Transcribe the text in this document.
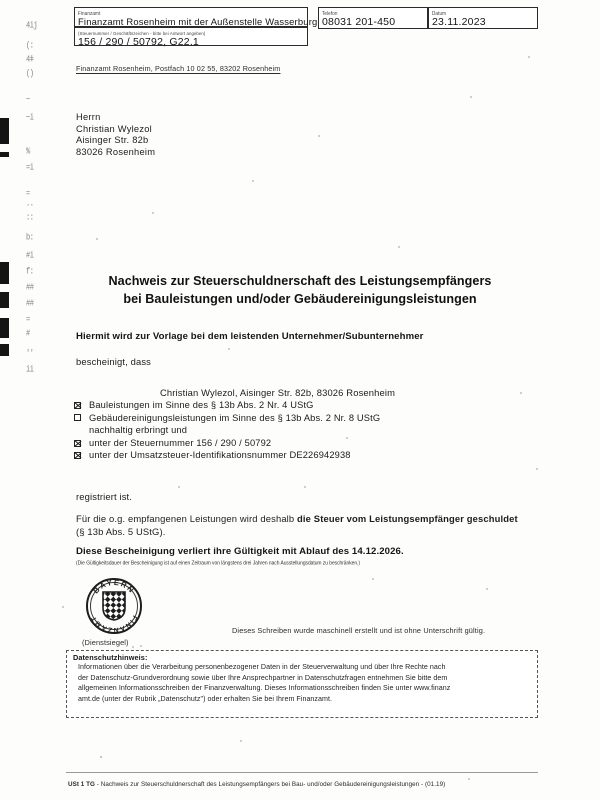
4ij
(:
4ǂ
()
~
~i
%
=i
=
··
::
b:
#i
f:
##
##
=
#
''
ii
Finanzamt
Finanzamt Rosenheim mit der Außenstelle Wasserburg
(Steuernummer / Geschäftszeichen - bitte bei Antwort angeben)
156 / 290 / 50792, G22.1
Telefon
08031 201-450
Datum
23.11.2023
Finanzamt Rosenheim, Postfach 10 02 55, 83202 Rosenheim
Herrn
Christian Wylezol
Aisinger Str. 82b
83026 Rosenheim
Nachweis zur Steuerschuldnerschaft des Leistungsempfängers
bei Bauleistungen und/oder Gebäudereinigungsleistungen
Hiermit wird zur Vorlage bei dem leistenden Unternehmer/Subunternehmer
bescheinigt, dass
Christian Wylezol, Aisinger Str. 82b, 83026 Rosenheim
Bauleistungen im Sinne des § 13b Abs. 2 Nr. 4 UStG
Gebäudereinigungsleistungen im Sinne des § 13b Abs. 2 Nr. 8 UStG
nachhaltig erbringt und
unter der Steuernummer 156 / 290 / 50792
unter der Umsatzsteuer-Identifikationsnummer DE226942938
registriert ist.
Für die o.g. empfangenen Leistungen wird deshalb die Steuer vom Leistungsempfänger geschuldet (§ 13b Abs. 5 UStG).
Diese Bescheinigung verliert ihre Gültigkeit mit Ablauf des 14.12.2026.
(Die Gültigkeitsdauer der Bescheinigung ist auf einen Zeitraum von längstens drei Jahren nach Ausstellungsdatum zu beschränken.)
BAYERN
FINANZAMT
(Dienstsiegel)
Dieses Schreiben wurde maschinell erstellt und ist ohne Unterschrift gültig.
Datenschutzhinweis:
Informationen über die Verarbeitung personenbezogener Daten in der Steuerverwaltung und über Ihre Rechte nach
der Datenschutz-Grundverordnung sowie über Ihre Ansprechpartner in Datenschutzfragen entnehmen Sie bitte dem
allgemeinen Informationsschreiben der Finanzverwaltung. Dieses Informationsschreiben finden Sie unter www.finanz
amt.de (unter der Rubrik „Datenschutz") oder erhalten Sie bei Ihrem Finanzamt.
USt 1 TG - Nachweis zur Steuerschuldnerschaft des Leistungsempfängers bei Bau- und/oder Gebäudereinigungsleistungen - (01.19)
